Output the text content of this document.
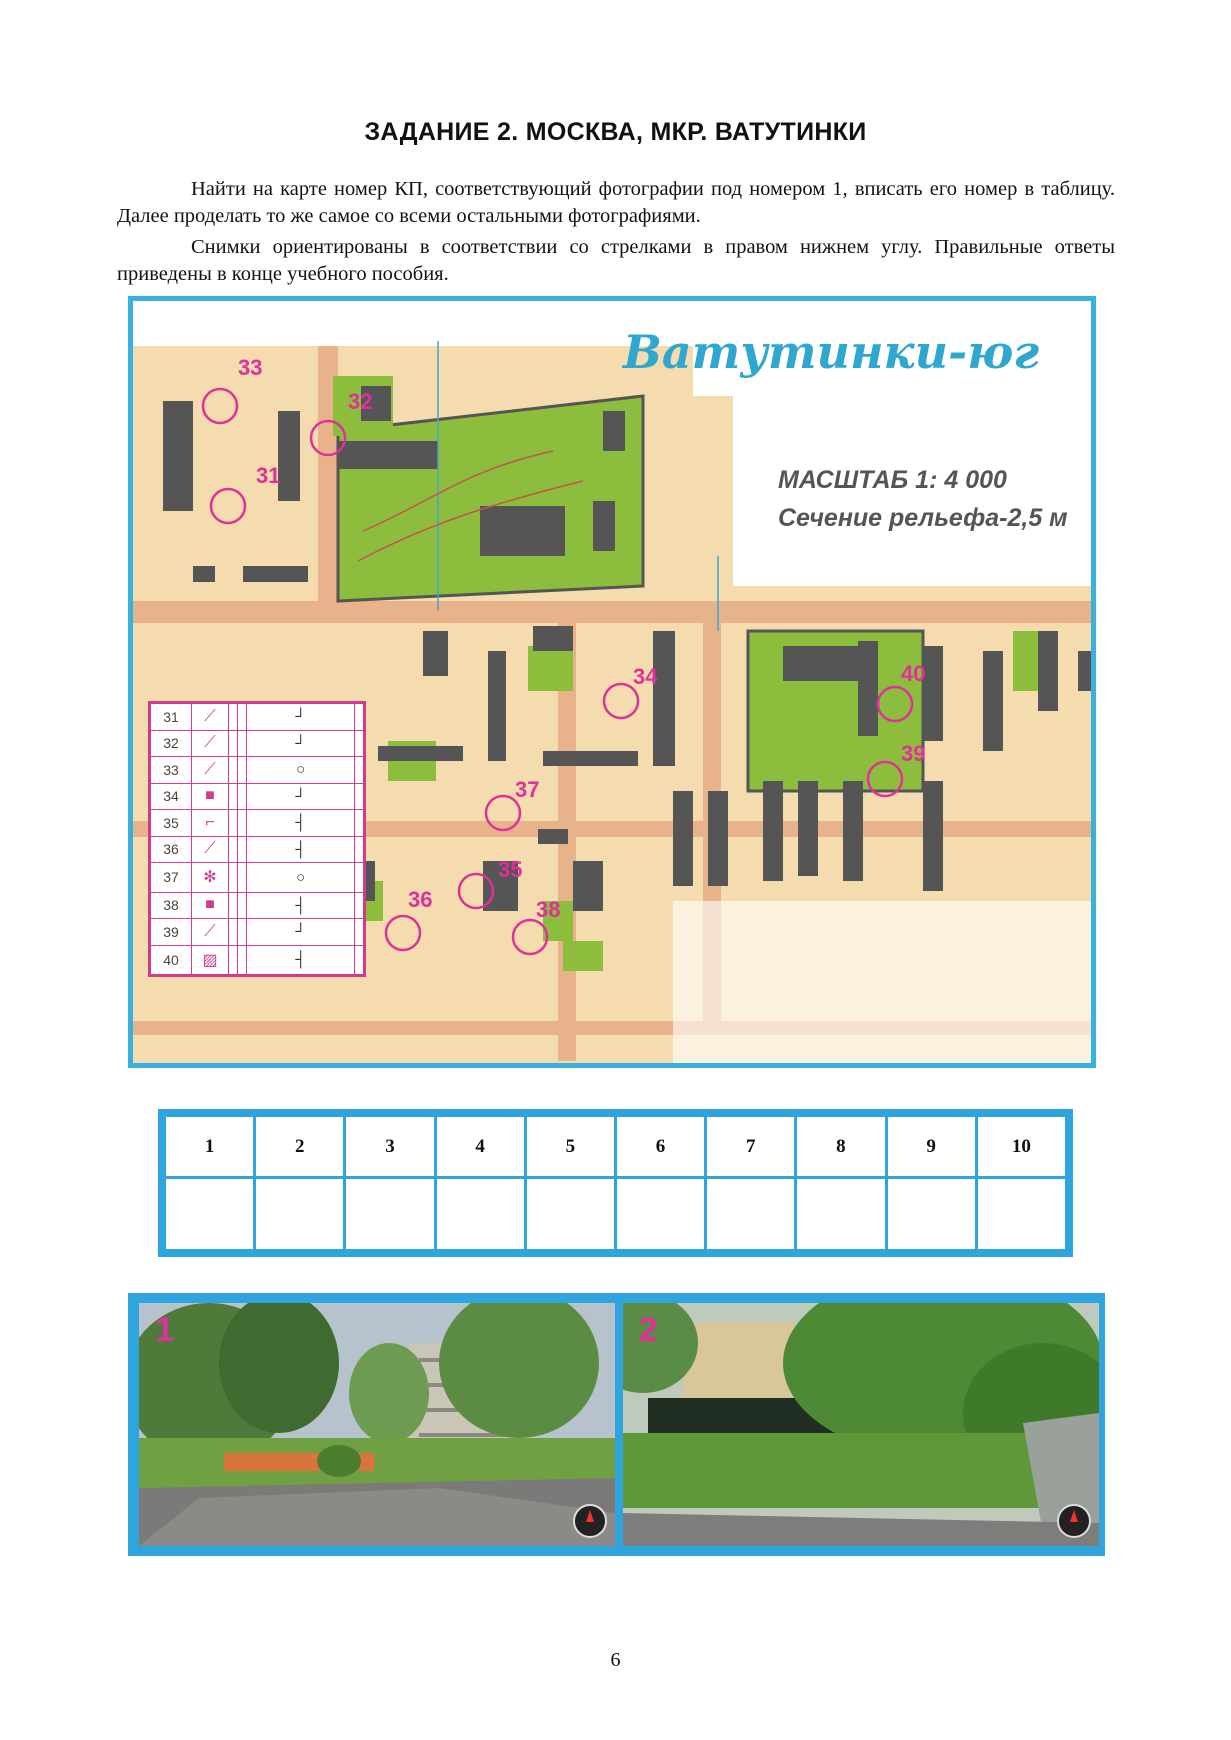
ЗАДАНИЕ 2. МОСКВА, МКР. ВАТУТИНКИ
Найти на карте номер КП, соответствующий фотографии под номером 1, вписать его номер в таблицу. Далее проделать то же самое со всеми остальными фотографиями.
Снимки ориентированы в соответствии со стрелками в правом нижнем углу. Правильные ответы приведены в конце учебного пособия.
Ватутинки-юг
МАСШТАБ 1: 4 000
Сечение рельефа-2,5 м
33
32
31
34	40
39
37
35
36	38
31	⟋			┘	
32	⟋			┘	
33	⟋			○	
34	■			┘	
35	⌐			┤	
36	⟋			┤	
37	✻			○	
38	■			┤	
39	⟋			┘	
40	▨			┤	
1	2	3	4	5	6	7	8	9	10

1	2
6
